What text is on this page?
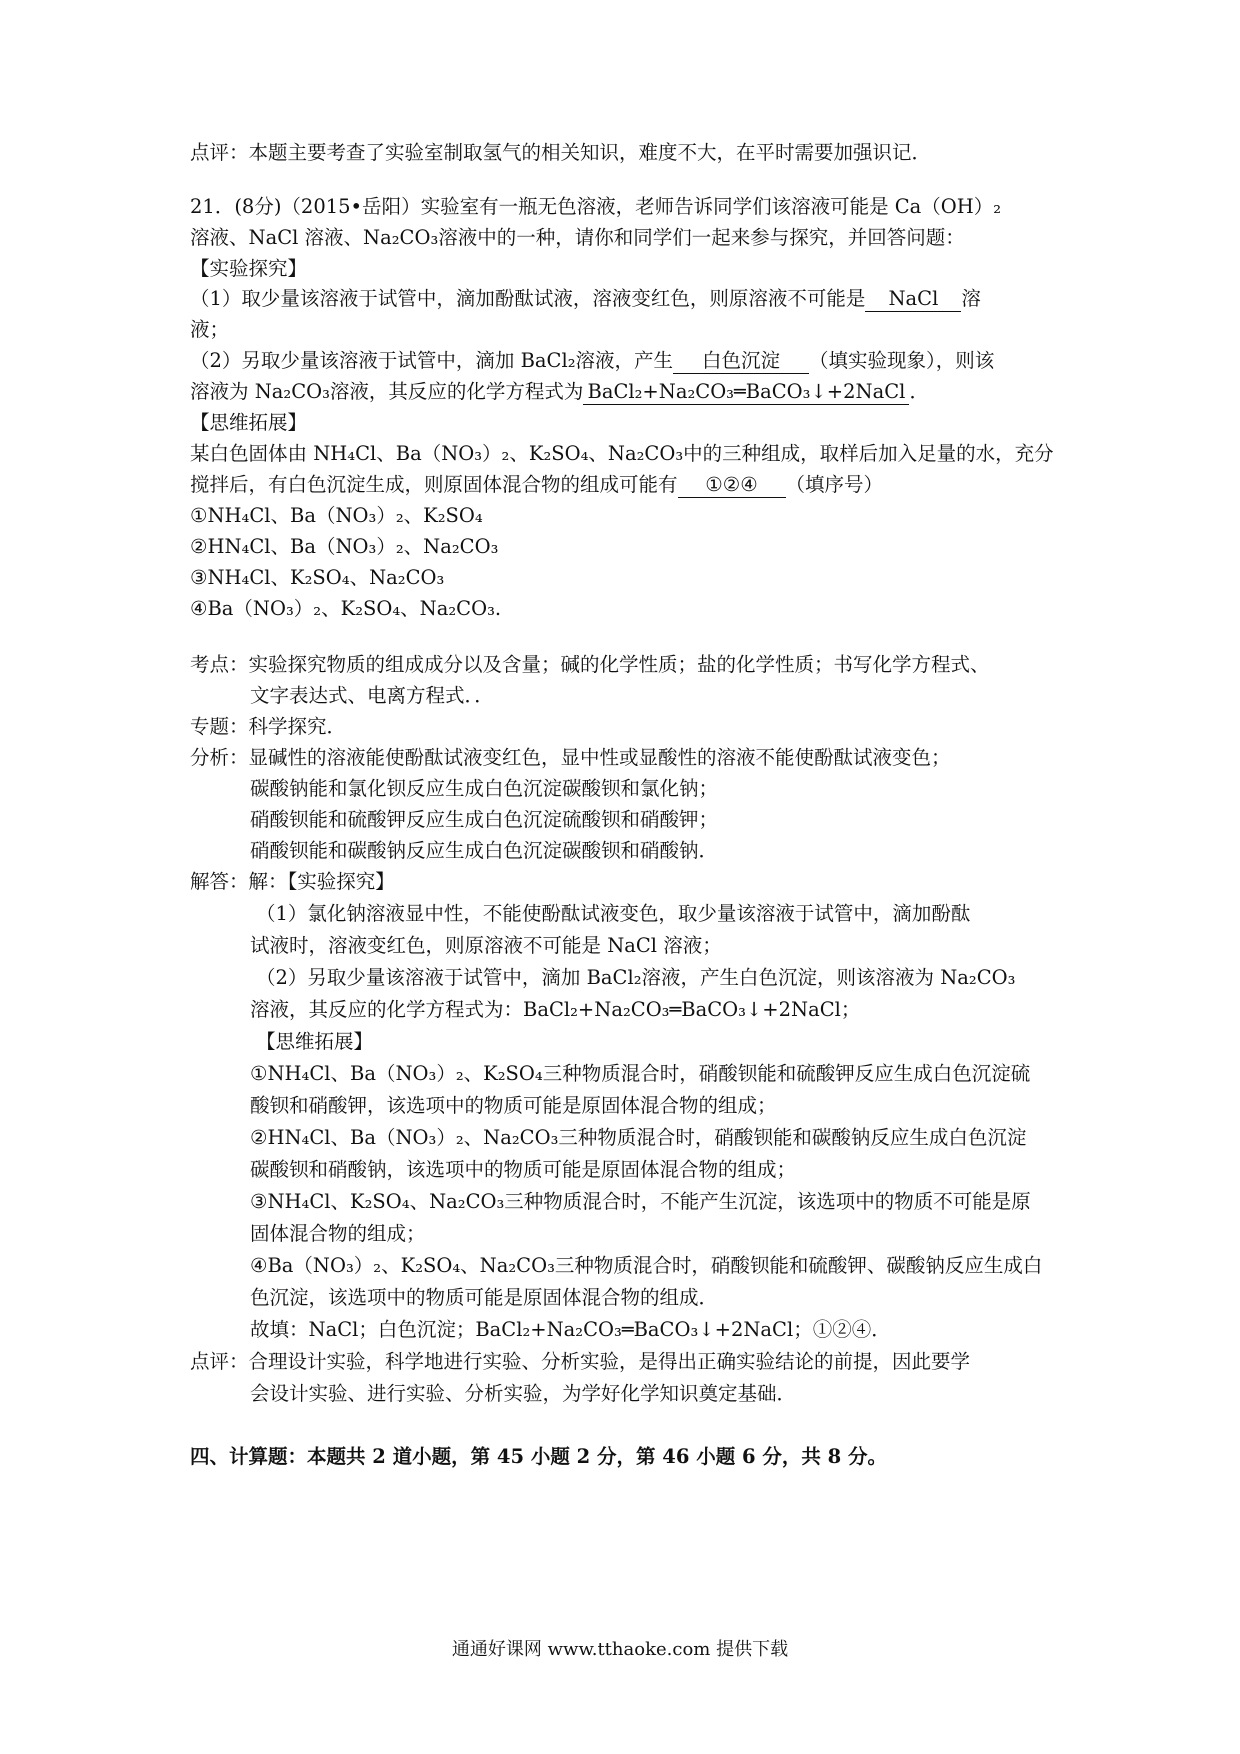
点评：本题主要考查了实验室制取氢气的相关知识，难度不大，在平时需要加强识记．
21．(8分)（2015•岳阳）实验室有一瓶无色溶液，老师告诉同学们该溶液可能是 Ca（OH）₂
溶液、NaCl 溶液、Na₂CO₃溶液中的一种，请你和同学们一起来参与探究，并回答问题：
【实验探究】
（1）取少量该溶液于试管中，滴加酚酞试液，溶液变红色，则原溶液不可能是 NaCl 溶
液；
（2）另取少量该溶液于试管中，滴加 BaCl₂溶液，产生 白色沉淀 （填实验现象），则该
溶液为 Na₂CO₃溶液，其反应的化学方程式为 BaCl₂+Na₂CO₃═BaCO₃↓+2NaCl ．
【思维拓展】
某白色固体由 NH₄Cl、Ba（NO₃）₂、K₂SO₄、Na₂CO₃中的三种组成，取样后加入足量的水，充分
搅拌后，有白色沉淀生成，则原固体混合物的组成可能有 ①②④ （填序号）
①NH₄Cl、Ba（NO₃）₂、K₂SO₄
②HN₄Cl、Ba（NO₃）₂、Na₂CO₃
③NH₄Cl、K₂SO₄、Na₂CO₃
④Ba（NO₃）₂、K₂SO₄、Na₂CO₃.
考点：实验探究物质的组成成分以及含量；碱的化学性质；盐的化学性质；书写化学方程式、
文字表达式、电离方程式．．
专题：科学探究．
分析：显碱性的溶液能使酚酞试液变红色，显中性或显酸性的溶液不能使酚酞试液变色；
碳酸钠能和氯化钡反应生成白色沉淀碳酸钡和氯化钠；
硝酸钡能和硫酸钾反应生成白色沉淀硫酸钡和硝酸钾；
硝酸钡能和碳酸钠反应生成白色沉淀碳酸钡和硝酸钠．
解答：解：【实验探究】
（1）氯化钠溶液显中性，不能使酚酞试液变色，取少量该溶液于试管中，滴加酚酞
试液时，溶液变红色，则原溶液不可能是 NaCl 溶液；
（2）另取少量该溶液于试管中，滴加 BaCl₂溶液，产生白色沉淀，则该溶液为 Na₂CO₃
溶液，其反应的化学方程式为：BaCl₂+Na₂CO₃═BaCO₃↓+2NaCl；
【思维拓展】
①NH₄Cl、Ba（NO₃）₂、K₂SO₄三种物质混合时，硝酸钡能和硫酸钾反应生成白色沉淀硫
酸钡和硝酸钾，该选项中的物质可能是原固体混合物的组成；
②HN₄Cl、Ba（NO₃）₂、Na₂CO₃三种物质混合时，硝酸钡能和碳酸钠反应生成白色沉淀
碳酸钡和硝酸钠，该选项中的物质可能是原固体混合物的组成；
③NH₄Cl、K₂SO₄、Na₂CO₃三种物质混合时，不能产生沉淀，该选项中的物质不可能是原
固体混合物的组成；
④Ba（NO₃）₂、K₂SO₄、Na₂CO₃三种物质混合时，硝酸钡能和硫酸钾、碳酸钠反应生成白
色沉淀，该选项中的物质可能是原固体混合物的组成．
故填：NaCl；白色沉淀；BaCl₂+Na₂CO₃═BaCO₃↓+2NaCl；①②④．
点评：合理设计实验，科学地进行实验、分析实验，是得出正确实验结论的前提，因此要学
会设计实验、进行实验、分析实验，为学好化学知识奠定基础．
四、计算题：本题共 2 道小题，第 45 小题 2 分，第 46 小题 6 分，共 8 分。
通通好课网 www.tthaoke.com 提供下载
